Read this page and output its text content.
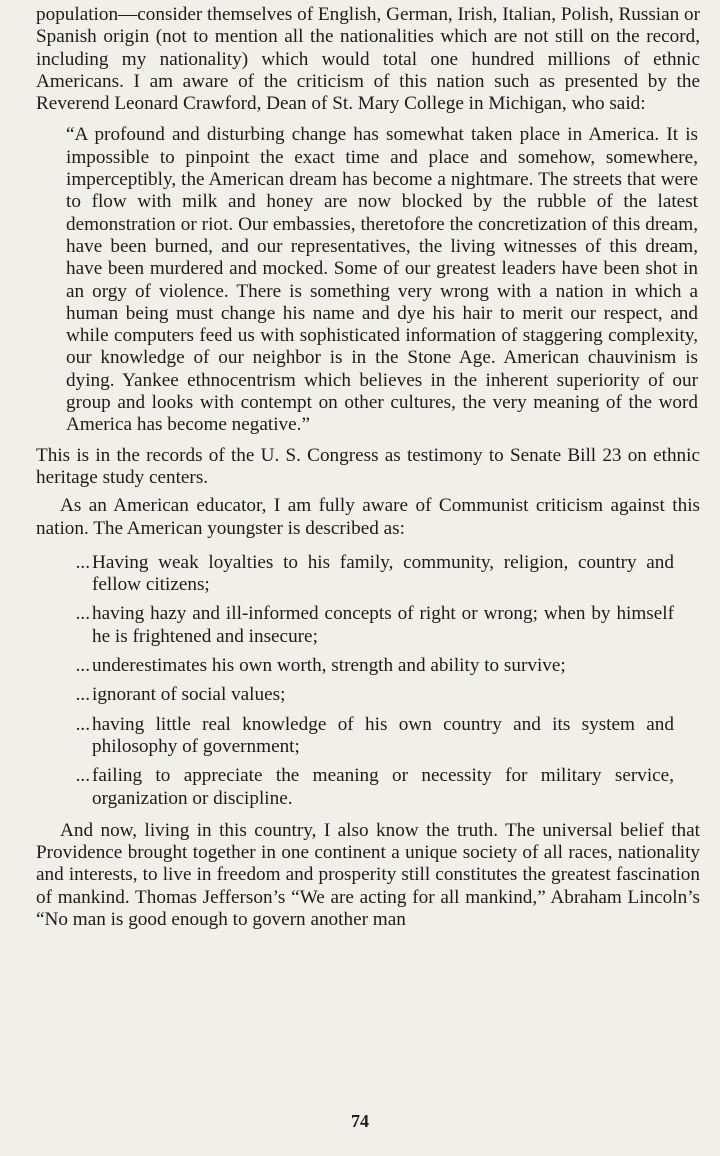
population—consider themselves of English, German, Irish, Italian, Polish, Russian or Spanish origin (not to mention all the nationalities which are not still on the record, including my nationality) which would total one hundred millions of ethnic Americans. I am aware of the criticism of this nation such as presented by the Reverend Leonard Crawford, Dean of St. Mary College in Michigan, who said:

“A profound and disturbing change has somewhat taken place in America. It is impossible to pinpoint the exact time and place and somehow, somewhere, imperceptibly, the American dream has become a nightmare. The streets that were to flow with milk and honey are now blocked by the rubble of the latest demonstration or riot. Our embassies, theretofore the concretization of this dream, have been burned, and our representatives, the living witnesses of this dream, have been murdered and mocked. Some of our greatest leaders have been shot in an orgy of violence. There is something very wrong with a nation in which a human being must change his name and dye his hair to merit our respect, and while computers feed us with sophisticated information of staggering complexity, our knowledge of our neighbor is in the Stone Age. American chauvinism is dying. Yankee ethnocentrism which believes in the inherent superiority of our group and looks with contempt on other cultures, the very meaning of the word America has become negative.”

This is in the records of the U. S. Congress as testimony to Senate Bill 23 on ethnic heritage study centers.

As an American educator, I am fully aware of Communist criticism against this nation. The American youngster is described as:

... Having weak loyalties to his family, community, religion, country and fellow citizens;
... having hazy and ill-informed concepts of right or wrong; when by himself he is frightened and insecure;
... underestimates his own worth, strength and ability to survive;
... ignorant of social values;
... having little real knowledge of his own country and its system and philosophy of government;
... failing to appreciate the meaning or necessity for military service, organization or discipline.

And now, living in this country, I also know the truth. The universal belief that Providence brought together in one continent a unique society of all races, nationality and interests, to live in freedom and prosperity still constitutes the greatest fascination of mankind. Thomas Jefferson’s “We are acting for all mankind,” Abraham Lincoln’s “No man is good enough to govern another man

74
